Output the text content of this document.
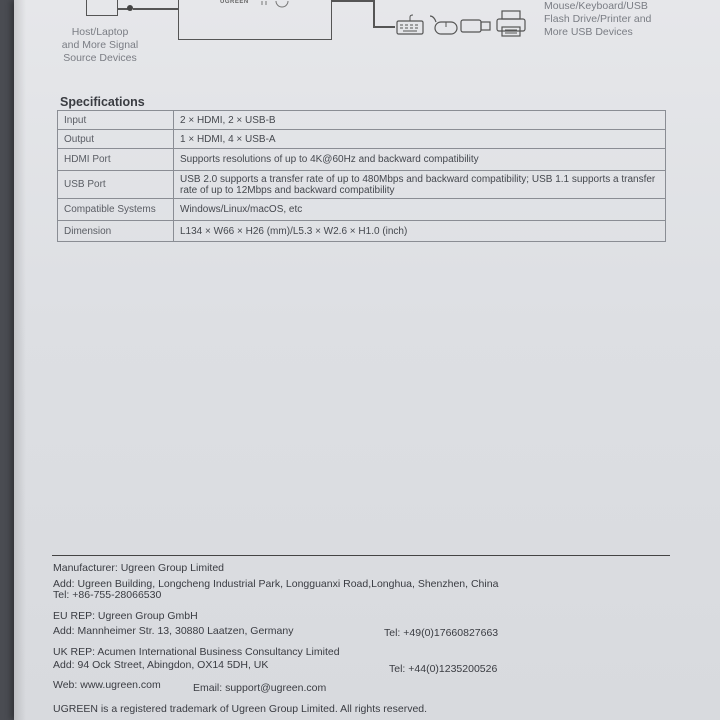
UGREEN
Host/Laptop
and More Signal
Source Devices
Mouse/Keyboard/USB
Flash Drive/Printer and
More USB Devices
Specifications
Input	2 × HDMI, 2 × USB-B
Output	1 × HDMI, 4 × USB-A
HDMI Port	Supports resolutions of up to 4K@60Hz and backward compatibility
USB Port	USB 2.0 supports a transfer rate of up to 480Mbps and backward compatibility; USB 1.1 supports a transfer rate of up to 12Mbps and backward compatibility
Compatible Systems	Windows/Linux/macOS, etc
Dimension	L134 × W66 × H26 (mm)/L5.3 × W2.6 × H1.0 (inch)
Manufacturer: Ugreen Group Limited
Add: Ugreen Building, Longcheng Industrial Park, Longguanxi Road,Longhua, Shenzhen, China
Tel: +86-755-28066530
EU REP: Ugreen Group GmbH
Add: Mannheimer Str. 13, 30880 Laatzen, Germany	Tel: +49(0)17660827663
UK REP: Acumen International Business Consultancy Limited
Add: 94 Ock Street, Abingdon, OX14 5DH, UK	Tel: +44(0)1235200526
Web: www.ugreen.com	Email: support@ugreen.com
UGREEN is a registered trademark of Ugreen Group Limited. All rights reserved.
